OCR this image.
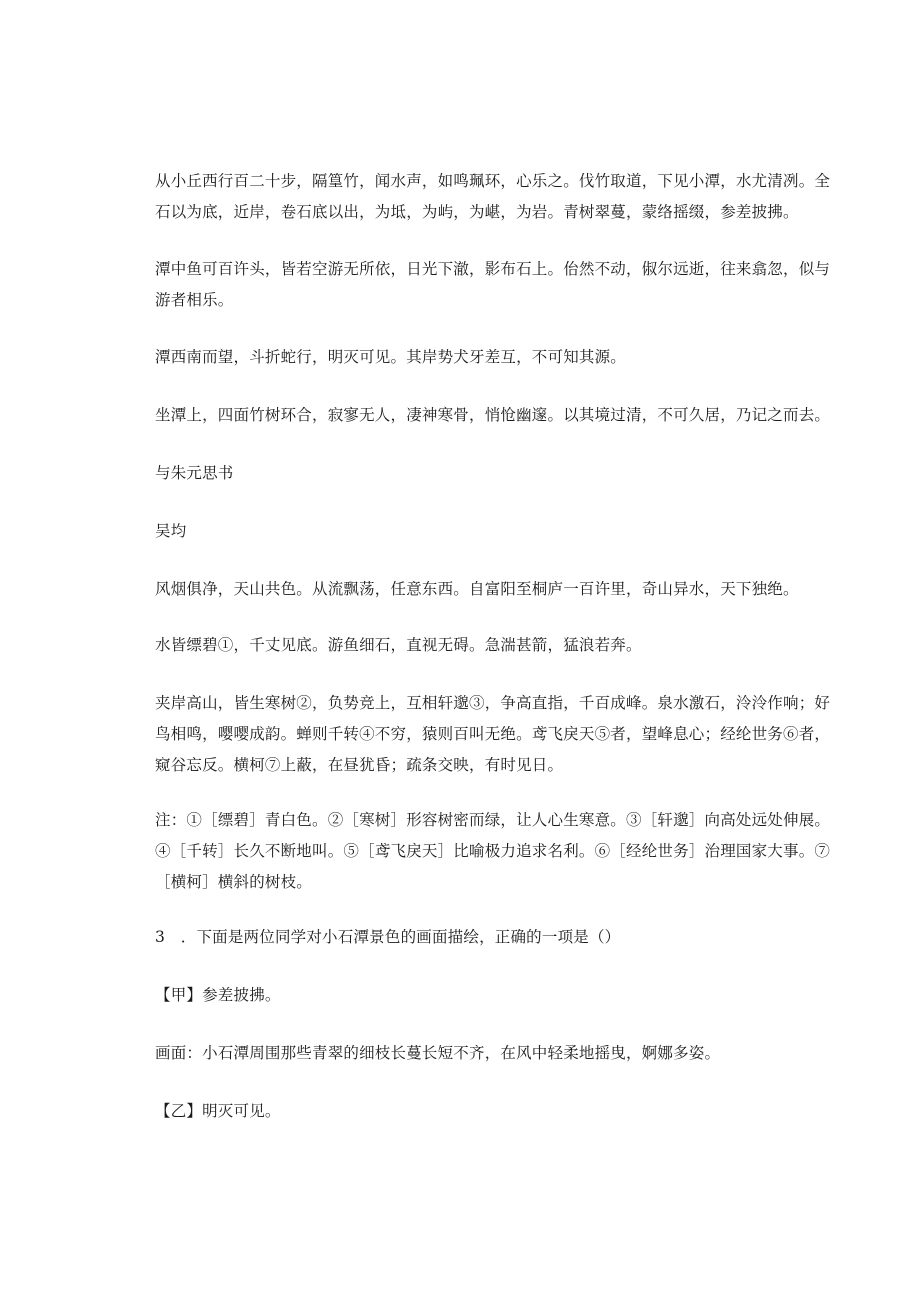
从小丘西行百二十步，隔篁竹，闻水声，如鸣珮环，心乐之。伐竹取道，下见小潭，水尤清冽。全石以为底，近岸，卷石底以出，为坻，为屿，为嵁，为岩。青树翠蔓，蒙络摇缀，参差披拂。

潭中鱼可百许头，皆若空游无所依，日光下澈，影布石上。佁然不动，俶尔远逝，往来翕忽，似与游者相乐。

潭西南而望，斗折蛇行，明灭可见。其岸势犬牙差互，不可知其源。

坐潭上，四面竹树环合，寂寥无人，凄神寒骨，悄怆幽邃。以其境过清，不可久居，乃记之而去。

与朱元思书

吴均

风烟俱净，天山共色。从流飘荡，任意东西。自富阳至桐庐一百许里，奇山异水，天下独绝。

水皆缥碧①，千丈见底。游鱼细石，直视无碍。急湍甚箭，猛浪若奔。

夹岸高山，皆生寒树②，负势竞上，互相轩邈③，争高直指，千百成峰。泉水激石，泠泠作响；好鸟相鸣，嘤嘤成韵。蝉则千转④不穷，猿则百叫无绝。鸢飞戾天⑤者，望峰息心；经纶世务⑥者，窥谷忘反。横柯⑦上蔽，在昼犹昏；疏条交映，有时见日。

注：①［缥碧］青白色。②［寒树］形容树密而绿，让人心生寒意。③［轩邈］向高处远处伸展。④［千转］长久不断地叫。⑤［鸢飞戾天］比喻极力追求名利。⑥［经纶世务］治理国家大事。⑦［横柯］横斜的树枝。

3　．下面是两位同学对小石潭景色的画面描绘，正确的一项是（）

【甲】参差披拂。

画面：小石潭周围那些青翠的细枝长蔓长短不齐，在风中轻柔地摇曳，婀娜多姿。

【乙】明灭可见。
